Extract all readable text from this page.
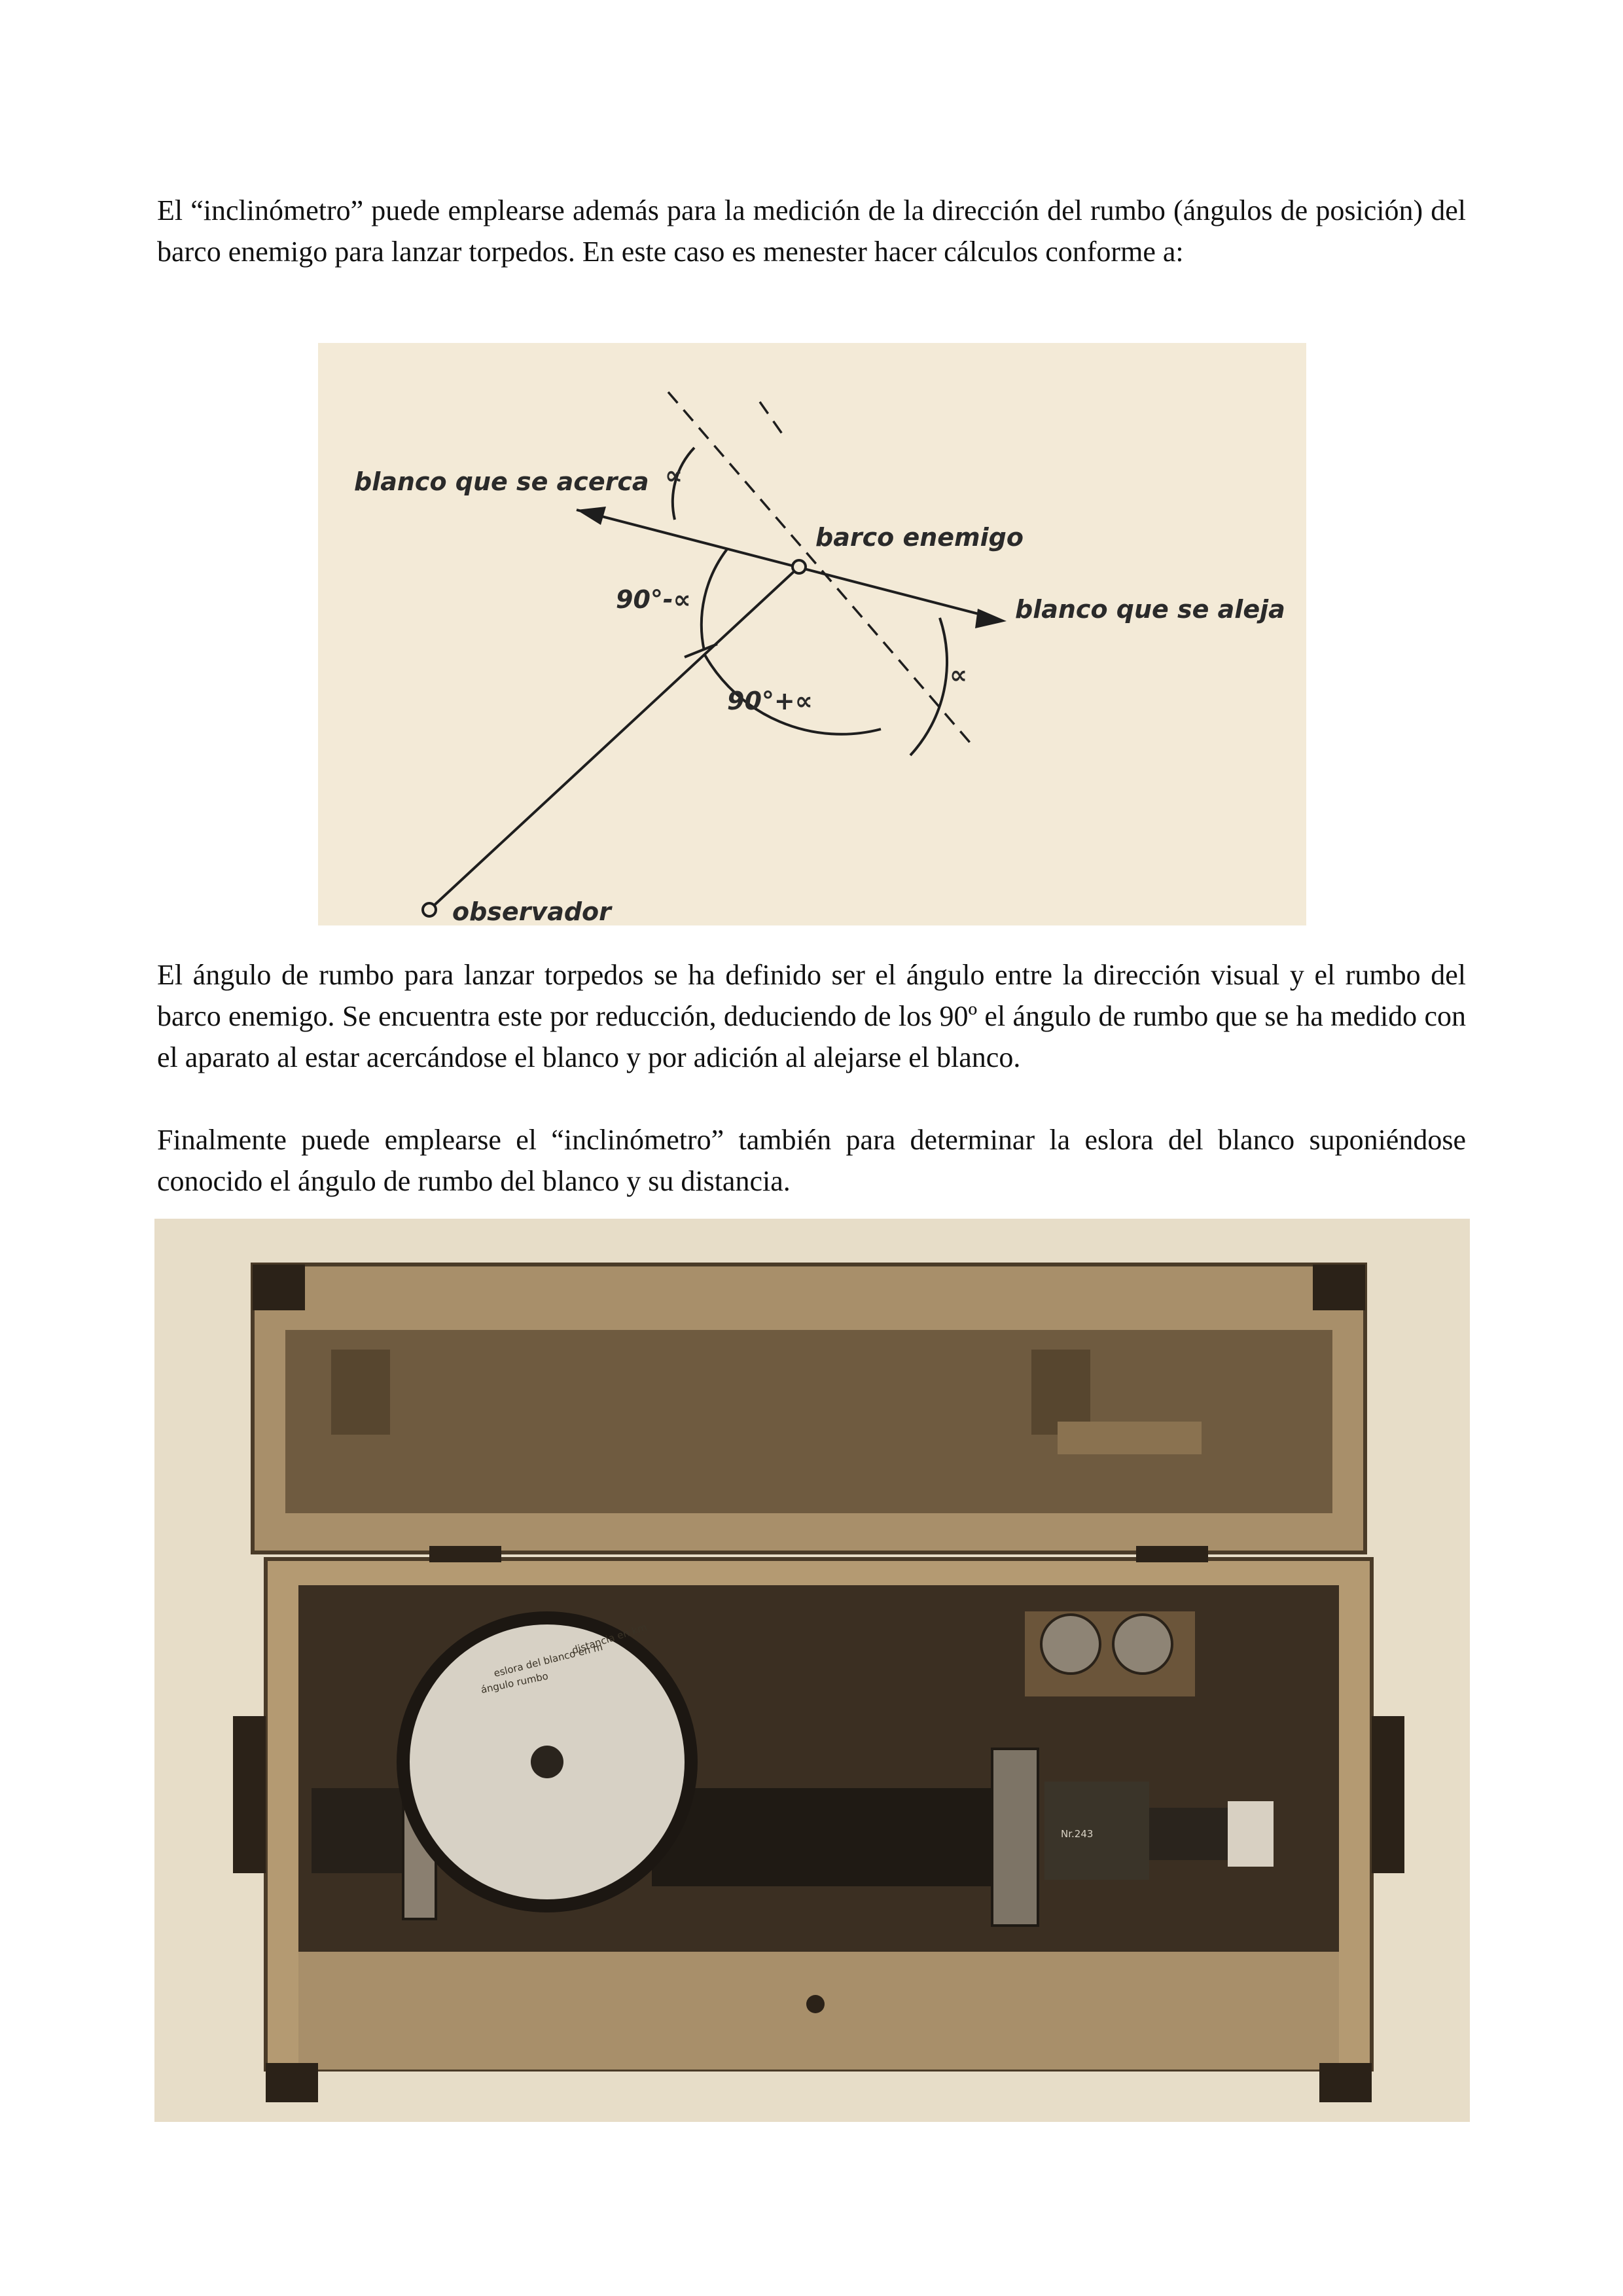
El “inclinómetro” puede emplearse además para la medición de la dirección del rumbo (ángulos de posición) del barco enemigo para lanzar torpedos. En este caso es menester hacer cálculos conforme a:

blanco que se acerca
barco enemigo
blanco que se aleja
observador
90°-∝
90°+∝
∝
∝

El ángulo de rumbo para lanzar torpedos se ha definido ser el ángulo entre la dirección visual y el rumbo del barco enemigo. Se encuentra este por reducción, deduciendo de los 90º el ángulo de rumbo que se ha medido con el aparato al estar acercándose el blanco y por adición al alejarse el blanco.

Finalmente puede emplearse el “inclinómetro” también para determinar la eslora del blanco suponiéndose conocido el ángulo de rumbo del blanco y su distancia.

Nr.243
distancia en km
eslora del blanco en m
ángulo rumbo
